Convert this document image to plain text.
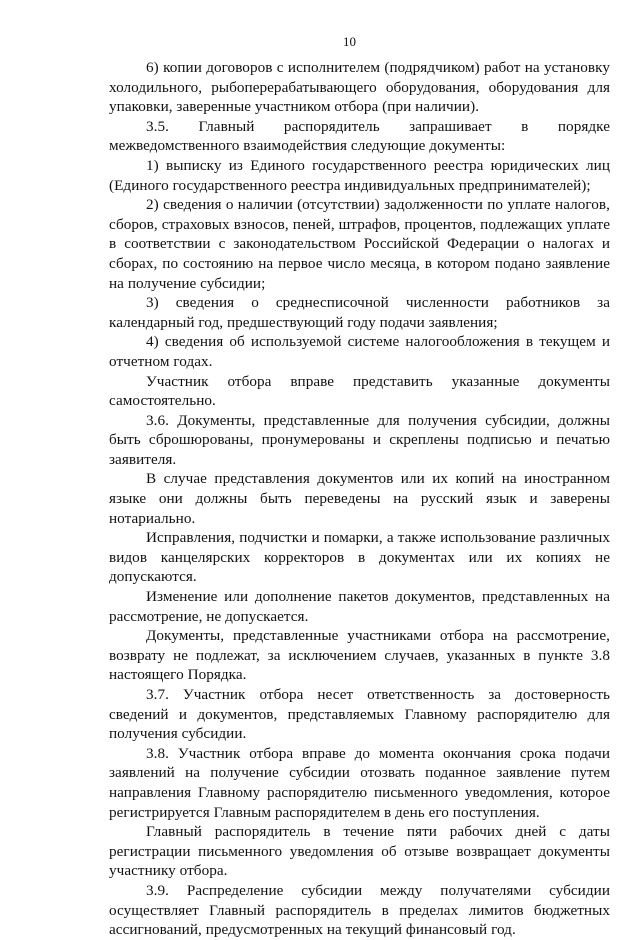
10

6) копии договоров с исполнителем (подрядчиком) работ на установку холодильного, рыбоперерабатывающего оборудования, оборудования для упаковки, заверенные участником отбора (при наличии).

3.5. Главный распорядитель запрашивает в порядке межведомственного взаимодействия следующие документы:

1) выписку из Единого государственного реестра юридических лиц (Единого государственного реестра индивидуальных предпринимателей);

2) сведения о наличии (отсутствии) задолженности по уплате налогов, сборов, страховых взносов, пеней, штрафов, процентов, подлежащих уплате в соответствии с законодательством Российской Федерации о налогах и сборах, по состоянию на первое число месяца, в котором подано заявление на получение субсидии;

3) сведения о среднесписочной численности работников за календарный год, предшествующий году подачи заявления;

4) сведения об используемой системе налогообложения в текущем и отчетном годах.

Участник отбора вправе представить указанные документы самостоятельно.

3.6. Документы, представленные для получения субсидии, должны быть сброшюрованы, пронумерованы и скреплены подписью и печатью заявителя.

В случае представления документов или их копий на иностранном языке они должны быть переведены на русский язык и заверены нотариально.

Исправления, подчистки и помарки, а также использование различных видов канцелярских корректоров в документах или их копиях не допускаются.

Изменение или дополнение пакетов документов, представленных на рассмотрение, не допускается.

Документы, представленные участниками отбора на рассмотрение, возврату не подлежат, за исключением случаев, указанных в пункте 3.8 настоящего Порядка.

3.7. Участник отбора несет ответственность за достоверность сведений и документов, представляемых Главному распорядителю для получения субсидии.

3.8. Участник отбора вправе до момента окончания срока подачи заявлений на получение субсидии отозвать поданное заявление путем направления Главному распорядителю письменного уведомления, которое регистрируется Главным распорядителем в день его поступления.

Главный распорядитель в течение пяти рабочих дней с даты регистрации письменного уведомления об отзыве возвращает документы участнику отбора.

3.9. Распределение субсидии между получателями субсидии осуществляет Главный распорядитель в пределах лимитов бюджетных ассигнований, предусмотренных на текущий финансовый год.
